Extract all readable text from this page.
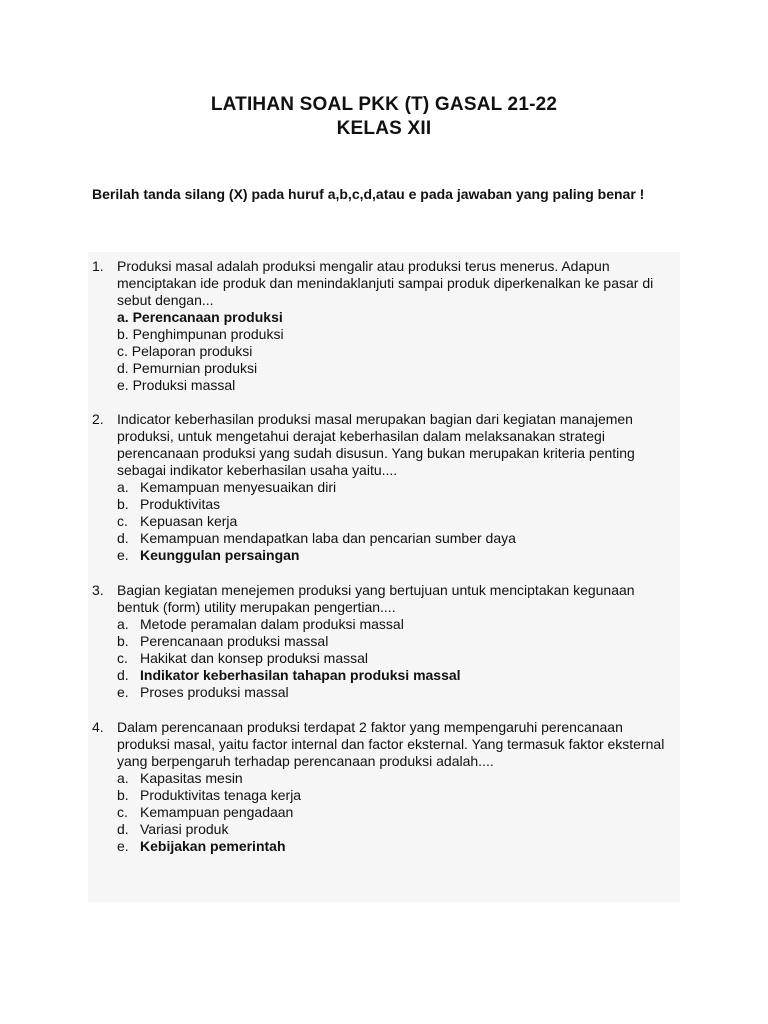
LATIHAN SOAL PKK (T) GASAL 21-22
KELAS XII
Berilah tanda silang (X) pada huruf a,b,c,d,atau e pada jawaban yang paling benar !
1. Produksi masal adalah produksi mengalir atau produksi terus menerus. Adapun menciptakan ide produk dan menindaklanjuti sampai produk diperkenalkan ke pasar di sebut dengan...

a. Perencanaan produksi
b. Penghimpunan produksi
c. Pelaporan produksi
d. Pemurnian produksi
e. Produksi massal
2. Indicator keberhasilan produksi masal merupakan bagian dari kegiatan manajemen produksi, untuk mengetahui derajat keberhasilan dalam melaksanakan strategi perencanaan produksi yang sudah disusun. Yang bukan merupakan kriteria penting sebagai indikator keberhasilan usaha yaitu....

a. Kemampuan menyesuaikan diri
b. Produktivitas
c. Kepuasan kerja
d. Kemampuan mendapatkan laba dan pencarian sumber daya
e. Keunggulan persaingan
3. Bagian kegiatan menejemen produksi yang bertujuan untuk menciptakan kegunaan bentuk (form) utility merupakan pengertian....

a. Metode peramalan dalam produksi massal
b. Perencanaan produksi massal
c. Hakikat dan konsep produksi massal
d. Indikator keberhasilan tahapan produksi massal
e. Proses produksi massal
4. Dalam perencanaan produksi terdapat 2 faktor yang mempengaruhi perencanaan produksi masal, yaitu factor internal dan factor eksternal. Yang termasuk faktor eksternal yang berpengaruh terhadap perencanaan produksi adalah....

a. Kapasitas mesin
b. Produktivitas tenaga kerja
c. Kemampuan pengadaan
d. Variasi produk
e. Kebijakan pemerintah
